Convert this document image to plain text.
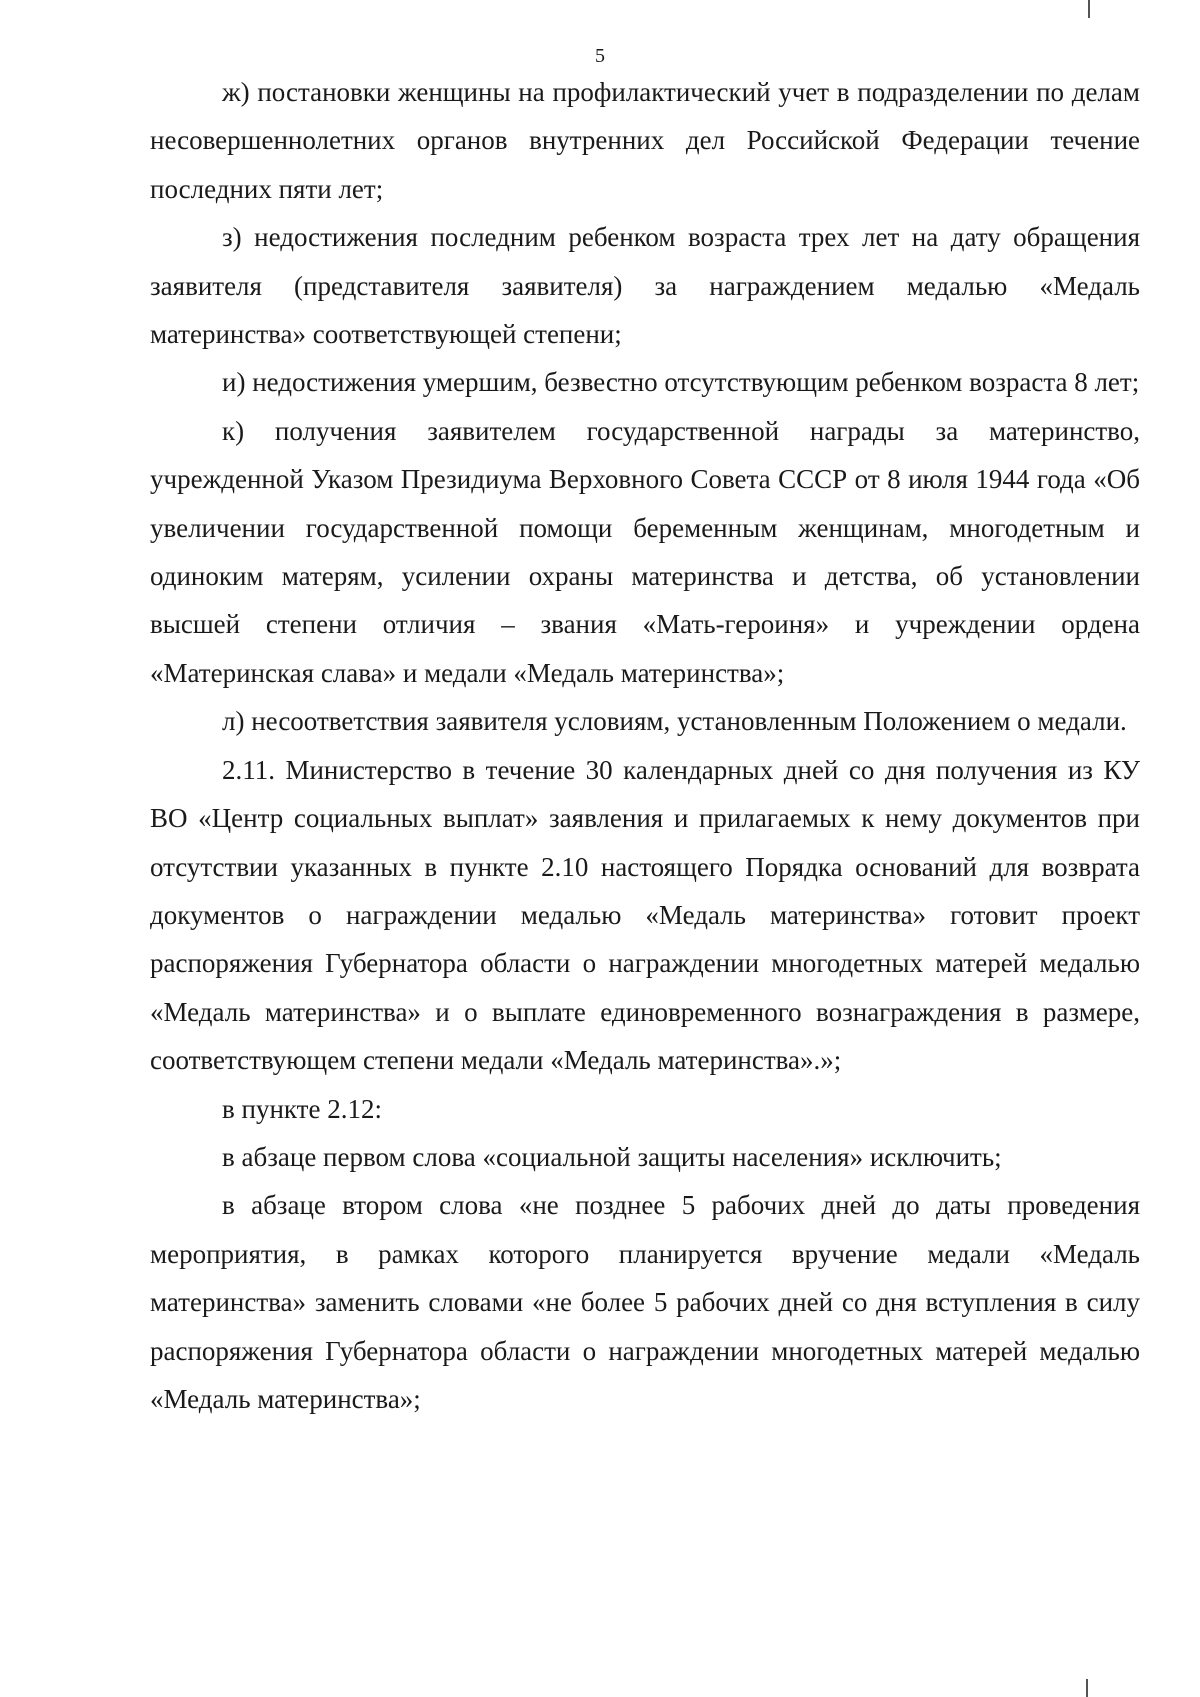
5

ж) постановки женщины на профилактический учет в подразделении по делам несовершеннолетних органов внутренних дел Российской Федерации течение последних пяти лет;

з) недостижения последним ребенком возраста трех лет на дату обращения заявителя (представителя заявителя) за награждением медалью «Медаль материнства» соответствующей степени;

и) недостижения умершим, безвестно отсутствующим ребенком возраста 8 лет;

к) получения заявителем государственной награды за материнство, учрежденной Указом Президиума Верховного Совета СССР от 8 июля 1944 года «Об увеличении государственной помощи беременным женщинам, многодетным и одиноким матерям, усилении охраны материнства и детства, об установлении высшей степени отличия – звания «Мать-героиня» и учреждении ордена «Материнская слава» и медали «Медаль материнства»;

л) несоответствия заявителя условиям, установленным Положением о медали.

2.11. Министерство в течение 30 календарных дней со дня получения из КУ ВО «Центр социальных выплат» заявления и прилагаемых к нему документов при отсутствии указанных в пункте 2.10 настоящего Порядка оснований для возврата документов о награждении медалью «Медаль материнства» готовит проект распоряжения Губернатора области о награждении многодетных матерей медалью «Медаль материнства» и о выплате единовременного вознаграждения в размере, соответствующем степени медали «Медаль материнства».»;

в пункте 2.12:

в абзаце первом слова «социальной защиты населения» исключить;

в абзаце втором слова «не позднее 5 рабочих дней до даты проведения мероприятия, в рамках которого планируется вручение медали «Медаль материнства» заменить словами «не более 5 рабочих дней со дня вступления в силу распоряжения Губернатора области о награждении многодетных матерей медалью «Медаль материнства»;
